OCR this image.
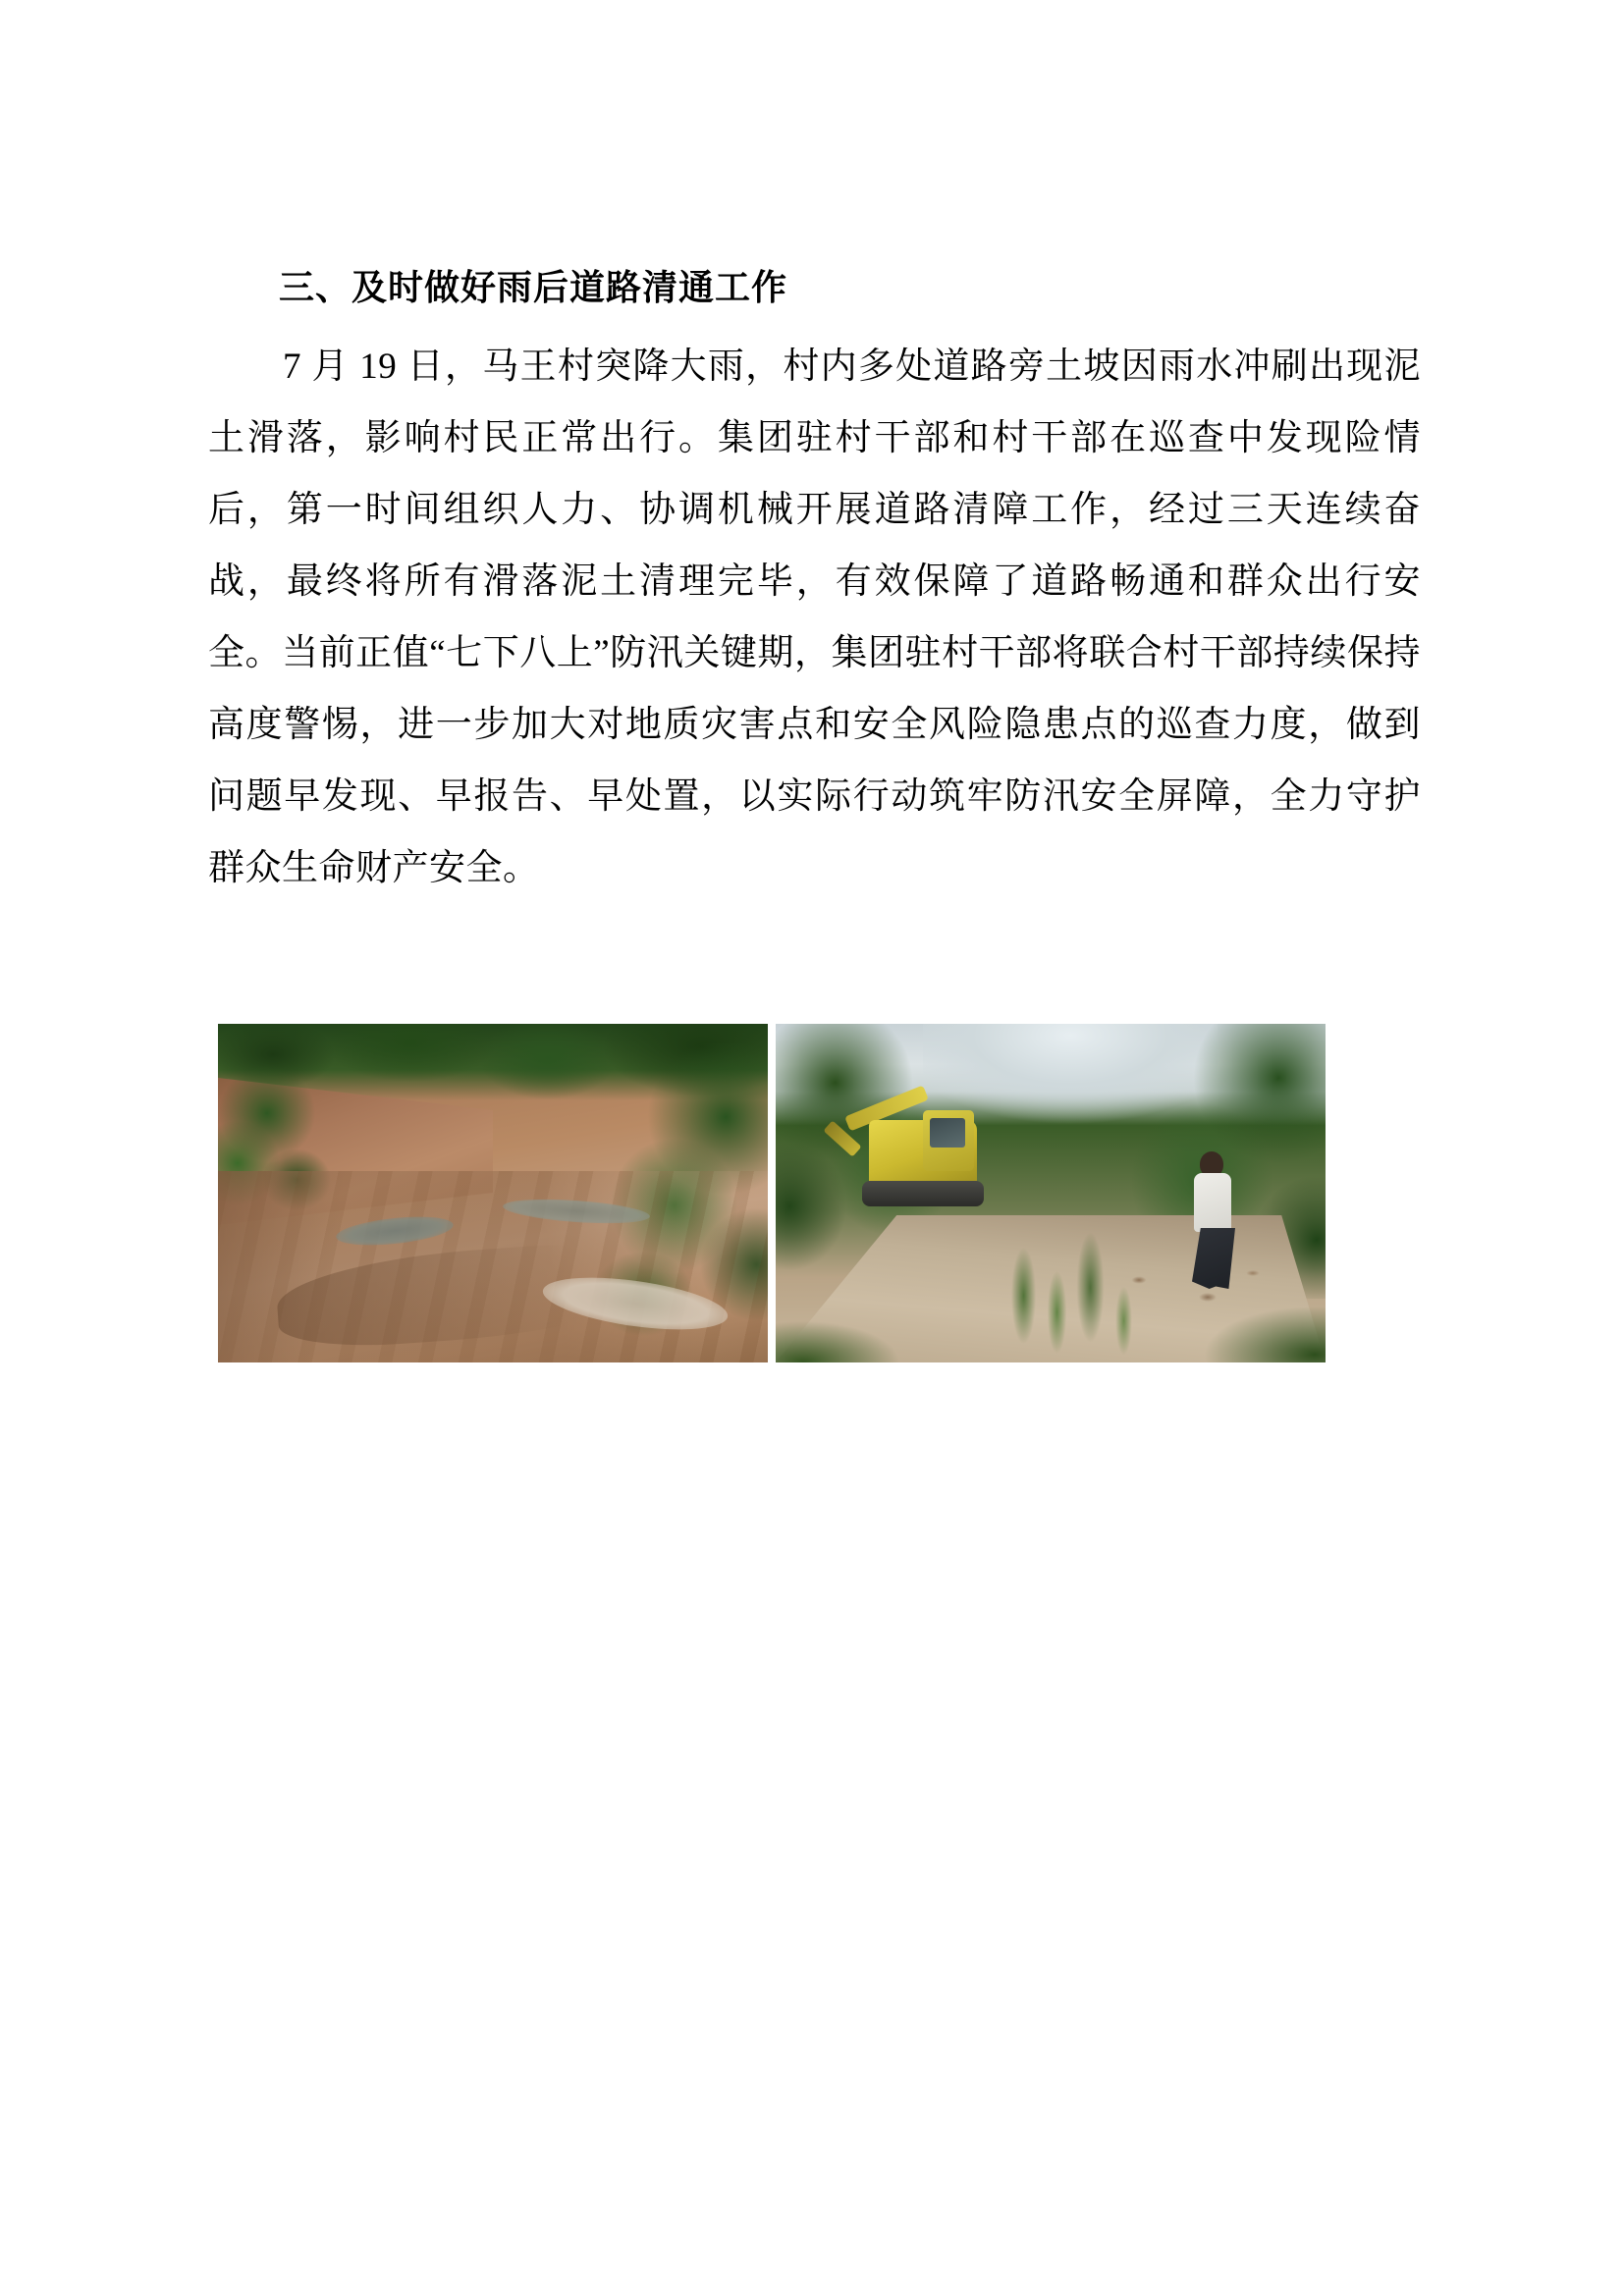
三、及时做好雨后道路清通工作

7 月 19 日，马王村突降大雨，村内多处道路旁土坡因雨水冲刷出现泥土滑落，影响村民正常出行。集团驻村干部和村干部在巡查中发现险情后，第一时间组织人力、协调机械开展道路清障工作，经过三天连续奋战，最终将所有滑落泥土清理完毕，有效保障了道路畅通和群众出行安全。当前正值“七下八上”防汛关键期，集团驻村干部将联合村干部持续保持高度警惕，进一步加大对地质灾害点和安全风险隐患点的巡查力度，做到问题早发现、早报告、早处置，以实际行动筑牢防汛安全屏障，全力守护群众生命财产安全。
